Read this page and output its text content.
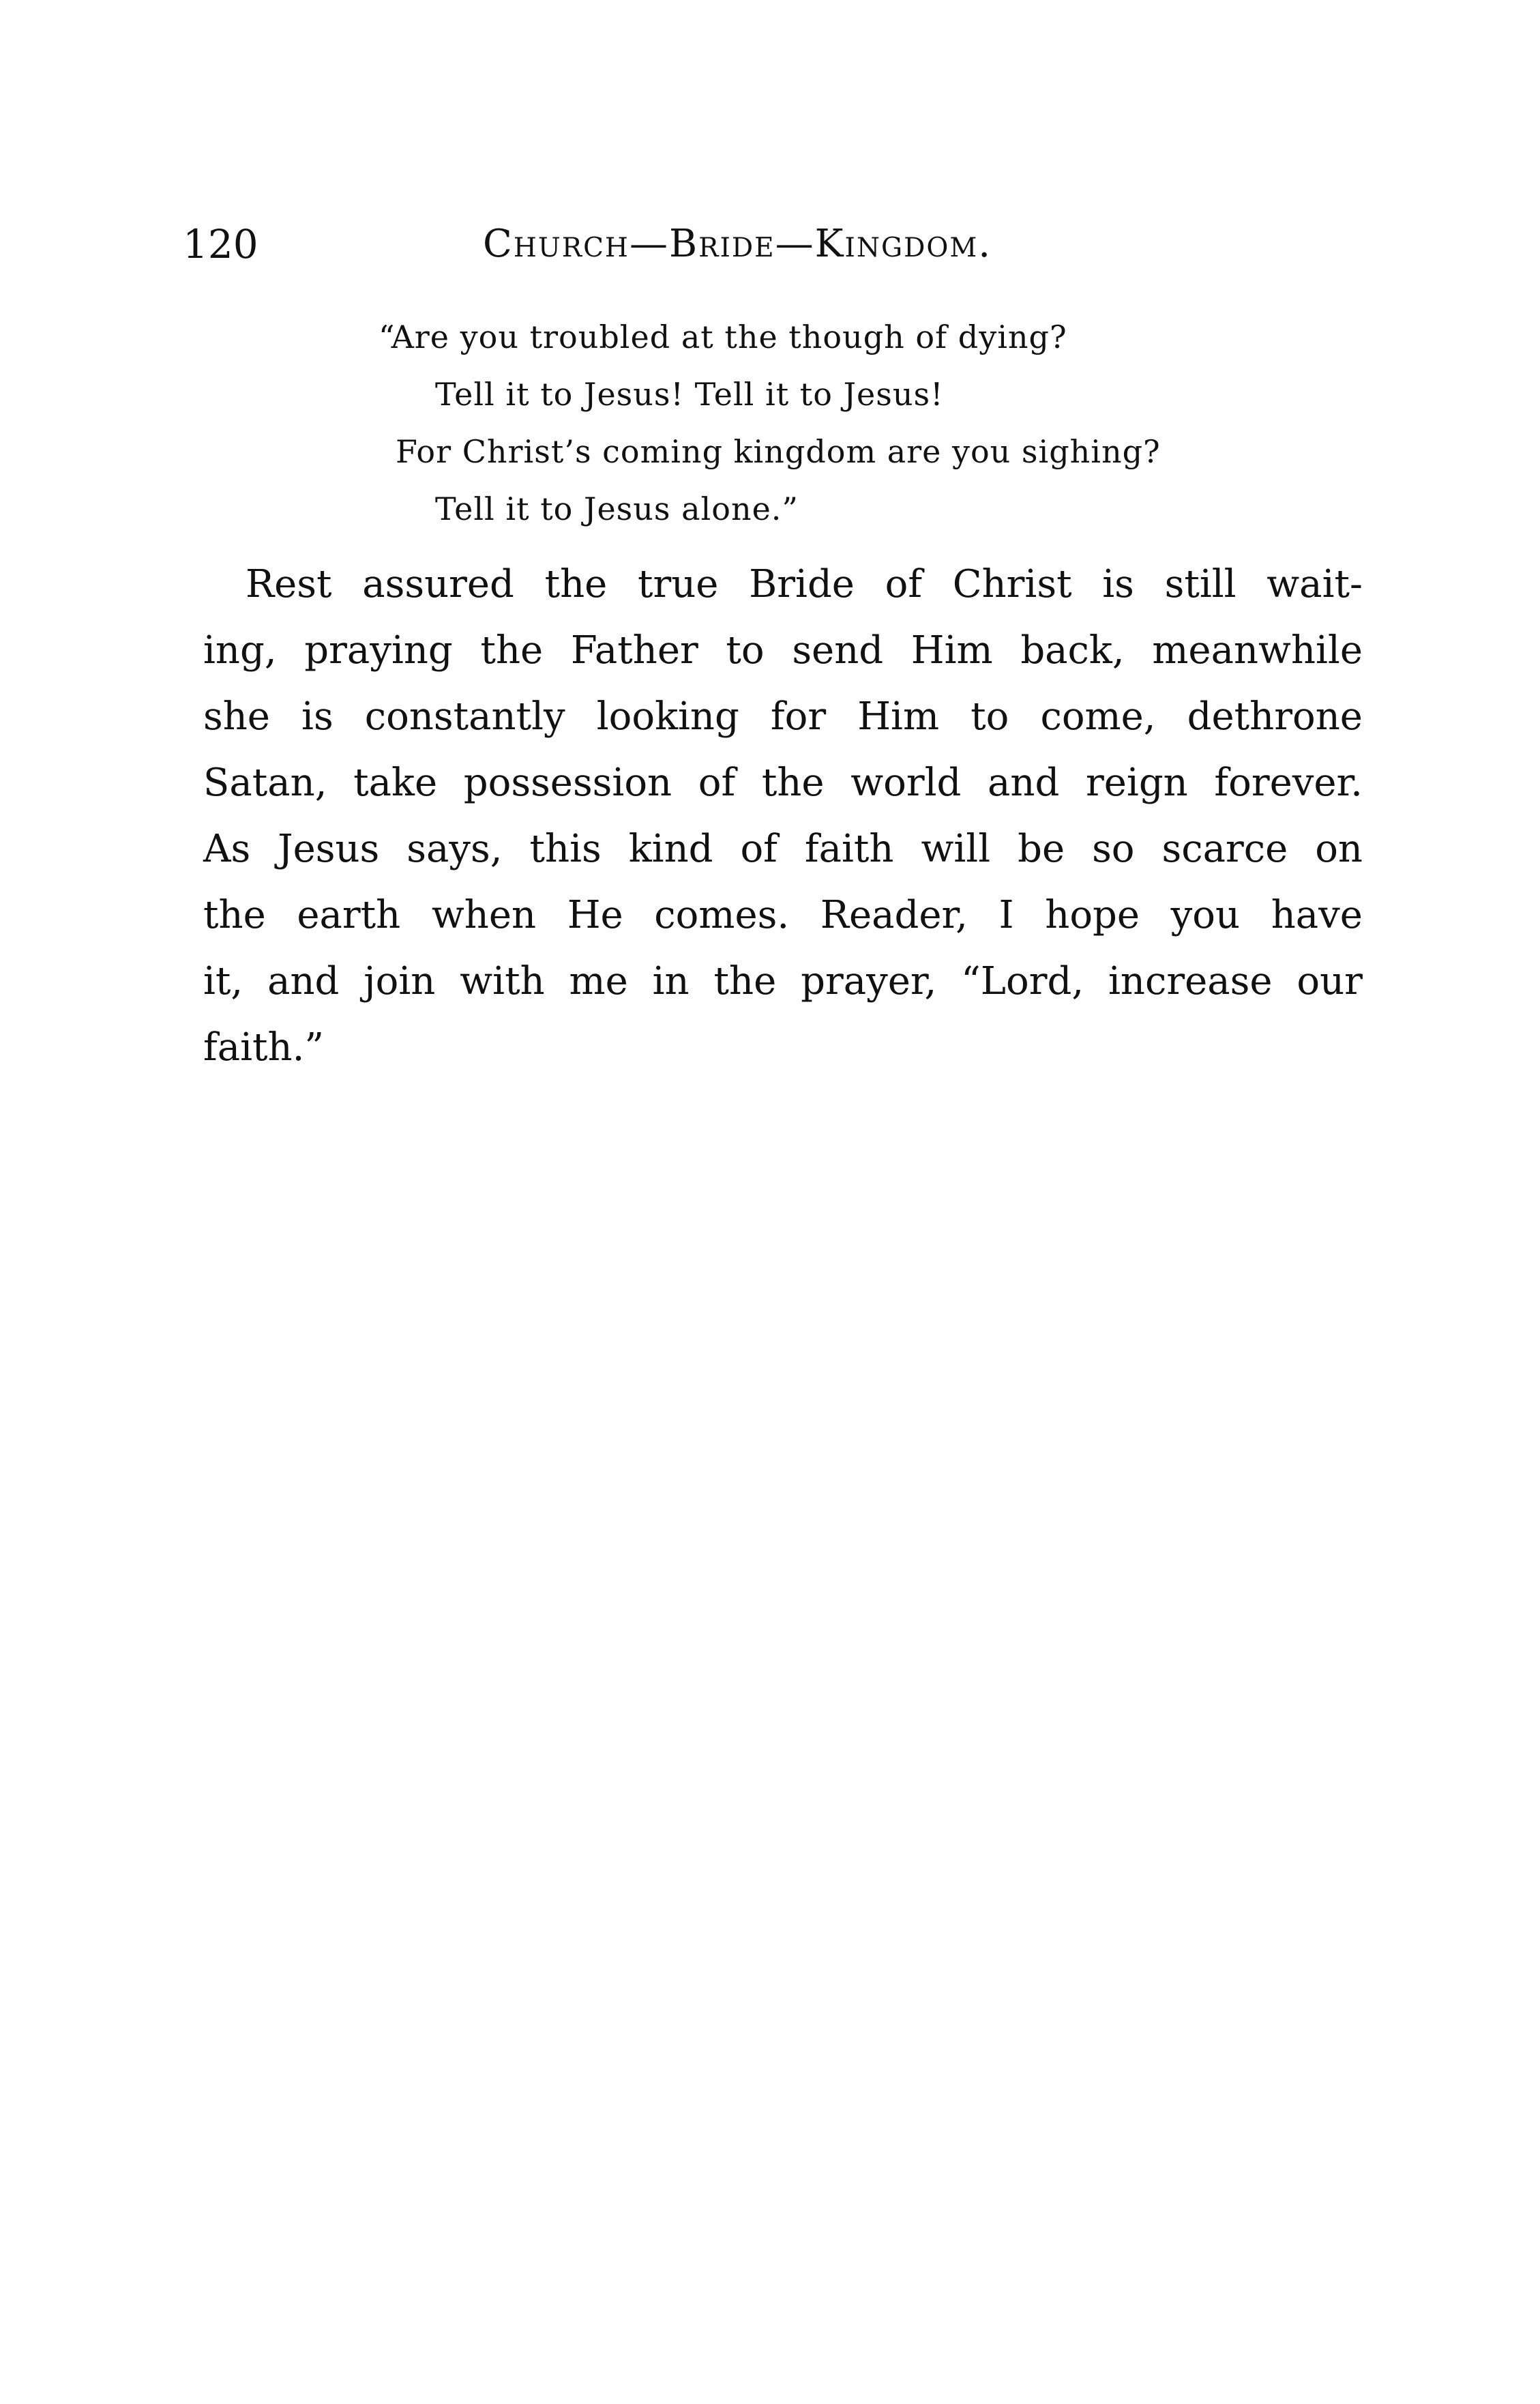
120	Church—Bride—Kingdom.
“Are you troubled at the though of dying?
Tell it to Jesus! Tell it to Jesus!
For Christ’s coming kingdom are you sighing?
Tell it to Jesus alone.”
Rest assured the true Bride of Christ is still wait-
ing, praying the Father to send Him back, meanwhile
she is constantly looking for Him to come, dethrone
Satan, take possession of the world and reign forever.
As Jesus says, this kind of faith will be so scarce on
the earth when He comes. Reader, I hope you have
it, and join with me in the prayer, “Lord, increase our
faith.”
